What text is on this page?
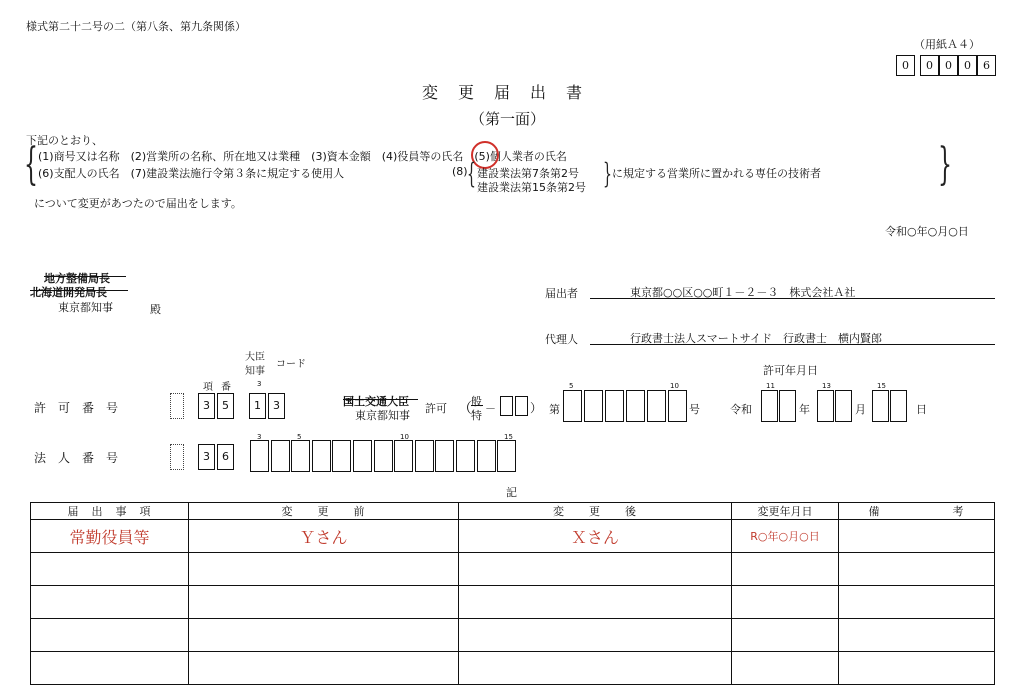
様式第二十二号の二（第八条、第九条関係）
（用紙Ａ４）
0	0	0	0	6
変　更　届　出　書
（第一面）
下記のとおり、
{	}
(1)商号又は名称　(2)営業所の名称、所在地又は業種　(3)資本金額　(4)役員等の氏名　(5)個人業者の氏名
(6)支配人の氏名　(7)建設業法施行令第３条に規定する使用人	(8) { 建設業法第7条第2号
建設業法第15条第2号 } に規定する営業所に置かれる専任の技術者
について変更があつたので届出をします。
令和○年○月○日
地方整備局長
北海道開発局長
東京都知事	殿
届出者	東京都○○区○○町１－２－３　株式会社Ａ社
代理人	行政書士法人スマートサイド　行政書士　横内賢郎
大臣
知事
コード
項 番	3
許　可　番　号	3	5	1	3	国土交通大臣
東京都知事
許可 （ 般
特
－	） 第
5	10
号
許可年月日
11	13	15
令和	年	月	日
3	5	10	15
法　人　番　号	3	6
記
届　出　事　項	変　　更　　前	変　　更　　後	変更年月日	備　　　　　　考
常勤役員等	Ｙさん	Ｘさん	R○年○月○日	
